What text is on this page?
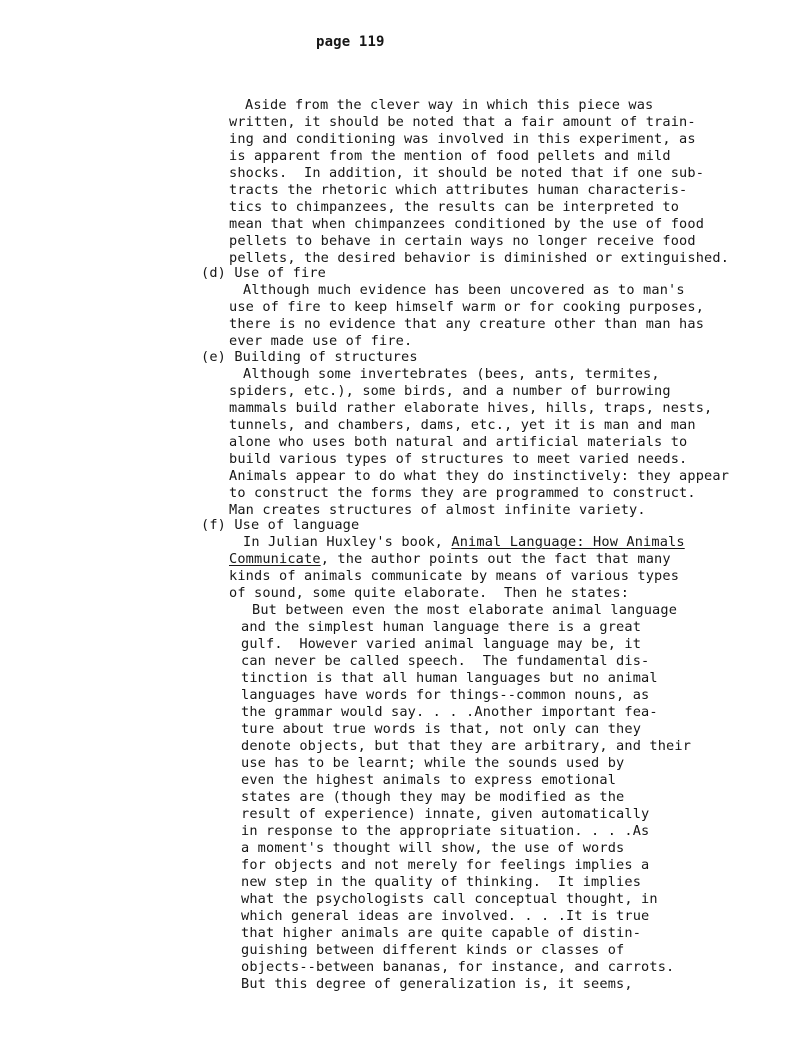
page 119
Aside from the clever way in which this piece was
written, it should be noted that a fair amount of train-
ing and conditioning was involved in this experiment, as
is apparent from the mention of food pellets and mild
shocks.  In addition, it should be noted that if one sub-
tracts the rhetoric which attributes human characteris-
tics to chimpanzees, the results can be interpreted to
mean that when chimpanzees conditioned by the use of food
pellets to behave in certain ways no longer receive food
pellets, the desired behavior is diminished or extinguished.
(d) Use of fire
Although much evidence has been uncovered as to man's
use of fire to keep himself warm or for cooking purposes,
there is no evidence that any creature other than man has
ever made use of fire.
(e) Building of structures
Although some invertebrates (bees, ants, termites,
spiders, etc.), some birds, and a number of burrowing
mammals build rather elaborate hives, hills, traps, nests,
tunnels, and chambers, dams, etc., yet it is man and man
alone who uses both natural and artificial materials to
build various types of structures to meet varied needs.
Animals appear to do what they do instinctively: they appear
to construct the forms they are programmed to construct.
Man creates structures of almost infinite variety.
(f) Use of language
In Julian Huxley's book, Animal Language: How Animals
Communicate, the author points out the fact that many
kinds of animals communicate by means of various types
of sound, some quite elaborate.  Then he states:
But between even the most elaborate animal language
and the simplest human language there is a great
gulf.  However varied animal language may be, it
can never be called speech.  The fundamental dis-
tinction is that all human languages but no animal
languages have words for things--common nouns, as
the grammar would say. . . .Another important fea-
ture about true words is that, not only can they
denote objects, but that they are arbitrary, and their
use has to be learnt; while the sounds used by
even the highest animals to express emotional
states are (though they may be modified as the
result of experience) innate, given automatically
in response to the appropriate situation. . . .As
a moment's thought will show, the use of words
for objects and not merely for feelings implies a
new step in the quality of thinking.  It implies
what the psychologists call conceptual thought, in
which general ideas are involved. . . .It is true
that higher animals are quite capable of distin-
guishing between different kinds or classes of
objects--between bananas, for instance, and carrots.
But this degree of generalization is, it seems,
